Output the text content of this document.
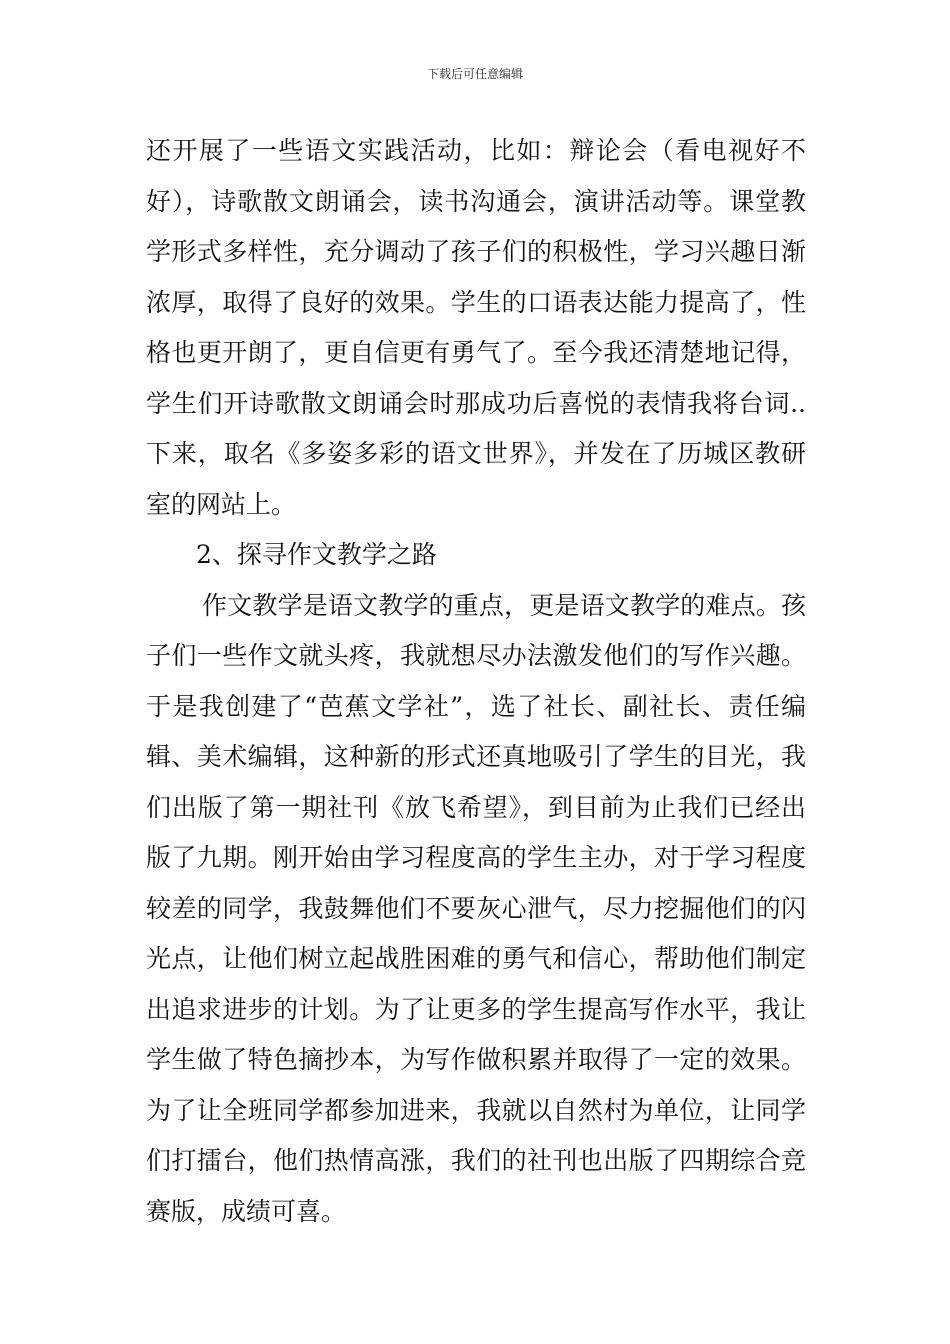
下载后可任意编辑

还开展了一些语文实践活动，比如：辩论会（看电视好不好），诗歌散文朗诵会，读书沟通会，演讲活动等。课堂教学形式多样性，充分调动了孩子们的积极性，学习兴趣日渐浓厚，取得了良好的效果。学生的口语表达能力提高了，性格也更开朗了，更自信更有勇气了。至今我还清楚地记得，学生们开诗歌散文朗诵会时那成功后喜悦的表情我将台词..下来，取名《多姿多彩的语文世界》，并发在了历城区教研室的网站上。

2、探寻作文教学之路

作文教学是语文教学的重点，更是语文教学的难点。孩子们一些作文就头疼，我就想尽办法激发他们的写作兴趣。于是我创建了“芭蕉文学社”，选了社长、副社长、责任编辑、美术编辑，这种新的形式还真地吸引了学生的目光，我们出版了第一期社刊《放飞希望》，到目前为止我们已经出版了九期。刚开始由学习程度高的学生主办，对于学习程度较差的同学，我鼓舞他们不要灰心泄气，尽力挖掘他们的闪光点，让他们树立起战胜困难的勇气和信心，帮助他们制定出追求进步的计划。为了让更多的学生提高写作水平，我让学生做了特色摘抄本，为写作做积累并取得了一定的效果。为了让全班同学都参加进来，我就以自然村为单位，让同学们打擂台，他们热情高涨，我们的社刊也出版了四期综合竞赛版，成绩可喜。
